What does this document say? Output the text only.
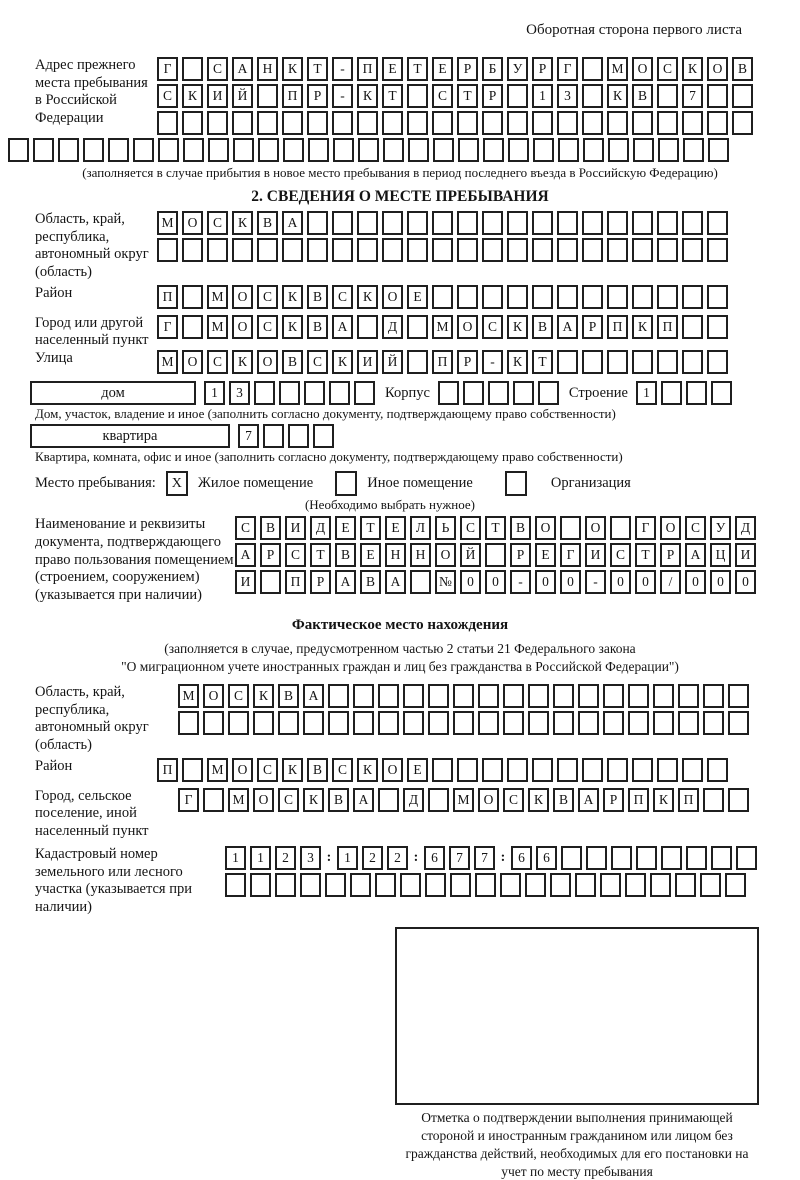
Оборотная сторона первого листа
Адрес прежнего места пребывания в Российской Федерации
Г	С	А	Н	К	Т	-	П	Е	Т	Е	Р	Б	У	Р	Г	М	О	С	К	О	В
С	К	И	Й	П	Р	-	К	Т	С	Т	Р	1	3	К	В	7
(заполняется в случае прибытия в новое место пребывания в период последнего въезда в Российскую Федерацию)
2. СВЕДЕНИЯ О МЕСТЕ ПРЕБЫВАНИЯ
Область, край, республика, автономный округ (область)
М	О	С	К	В	А
Район	П	М	О	С	К	В	С	К	О	Е
Город или другой населенный пункт
Г	М	О	С	К	В	А	Д	М	О	С	К	В	А	Р	П	К	П
Улица	М	О	С	К	О	В	С	К	И	Й	П	Р	-	К	Т
дом	1	3	Корпус	Строение	1
Дом, участок, владение и иное (заполнить согласно документу, подтверждающему право собственности)
квартира	7
Квартира, комната, офис и иное (заполнить согласно документу, подтверждающему право собственности)
Место пребывания:	X	Жилое помещение	Иное помещение	Организация
(Необходимо выбрать нужное)
Наименование и реквизиты документа, подтверждающего право пользования помещением (строением, сооружением) (указывается при наличии)
С	В	И	Д	Е	Т	Е	Л	Ь	С	Т	В	О	О	Г	О	С	У	Д
А	Р	С	Т	В	Е	Н	Н	О	Й	Р	Е	Г	И	С	Т	Р	А	Ц	И
И	П	Р	А	В	А	№	0	0	-	0	0	-	0	0	/	0	0	0
Фактическое место нахождения
(заполняется в случае, предусмотренном частью 2 статьи 21 Федерального закона
"О миграционном учете иностранных граждан и лиц без гражданства в Российской Федерации")
Область, край, республика, автономный округ (область)
М	О	С	К	В	А
Район	П	М	О	С	К	В	С	К	О	Е
Город, сельское поселение, иной населенный пункт
Г	М	О	С	К	В	А	Д	М	О	С	К	В	А	Р	П	К	П
Кадастровый номер земельного или лесного участка (указывается при наличии)
1	1	2	3 : 1	2	2 : 6	7	7 : 6	6
Отметка о подтверждении выполнения принимающей стороной и иностранным гражданином или лицом без гражданства действий, необходимых для его постановки на учет по месту пребывания
